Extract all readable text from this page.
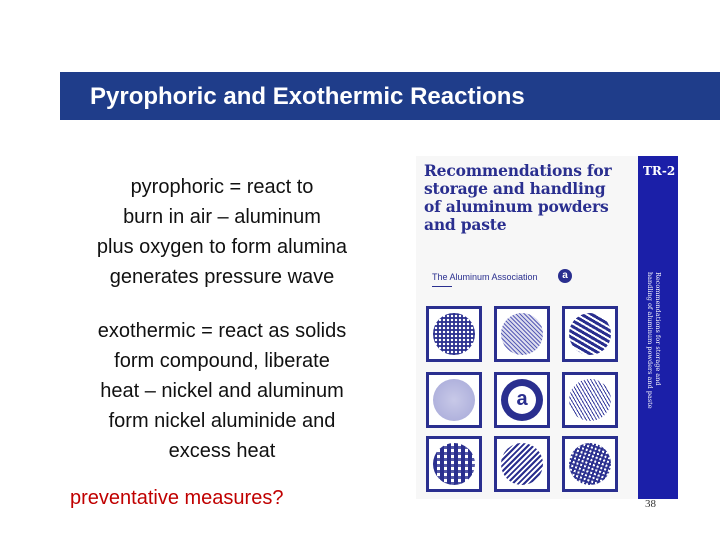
Pyrophoric and Exothermic Reactions
pyrophoric = react to
burn in air – aluminum
plus oxygen to form alumina
generates pressure wave
exothermic = react as solids
form compound, liberate
heat – nickel and aluminum
form nickel aluminide and
excess heat
preventative measures?
Recommendations for
storage and handling
of aluminum powders
and paste
The Aluminum Association	a
a
TR-2
Recommendations for storage and
handling of aluminum powders and paste
38
